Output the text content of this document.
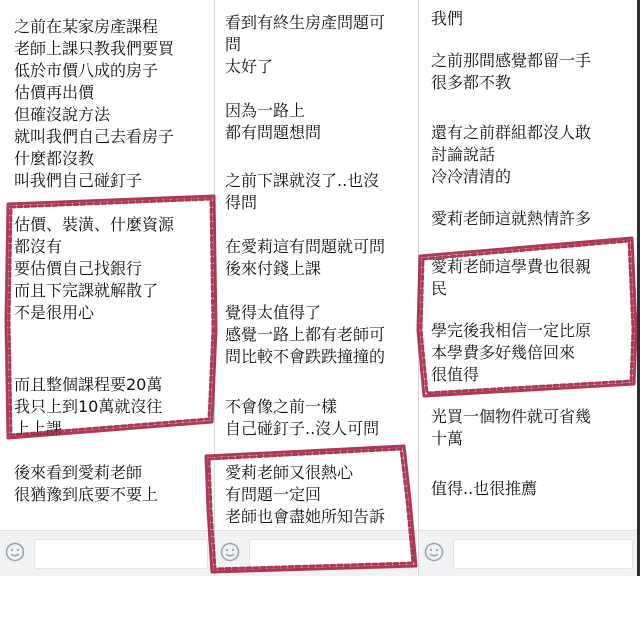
之前在某家房產課程
老師上課只教我們要買
低於市價八成的房子
估價再出價
但確沒說方法
就叫我們自己去看房子
什麼都沒教
叫我們自己碰釘子

估價、裝潢、什麼資源
都沒有
要估價自己找銀行
而且下完課就解散了
不是很用心

而且整個課程要20萬
我只上到10萬就沒往
上上課

後來看到愛莉老師
很猶豫到底要不要上

看到有終生房產問題可
問
太好了

因為一路上
都有問題想問

之前下課就沒了..也沒
得問

在愛莉這有問題就可問
後來付錢上課

覺得太值得了
感覺一路上都有老師可
問比較不會跌跌撞撞的

不會像之前一樣
自己碰釘子..沒人可問

愛莉老師又很熱心
有問題一定回
老師也會盡她所知告訴

我們

之前那間感覺都留一手
很多都不教

還有之前群組都沒人敢
討論說話
冷冷清清的

愛莉老師這就熱情許多

愛莉老師這學費也很親
民

學完後我相信一定比原
本學費多好幾倍回來
很值得

光買一個物件就可省幾
十萬

值得..也很推薦
